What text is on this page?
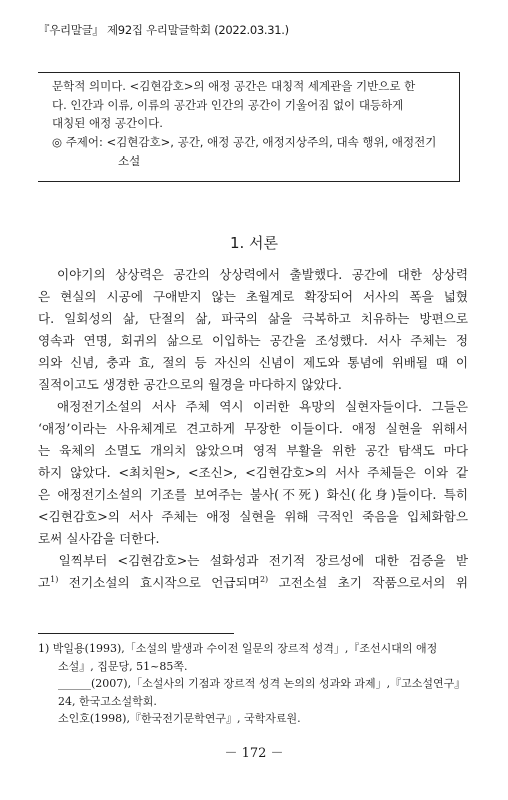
『우리말글』 제92집 우리말글학회 (2022.03.31.)
문학적 의미다. <김현감호>의 애정 공간은 대칭적 세계관을 기반으로 한
다. 인간과 이류, 이류의 공간과 인간의 공간이 기울어짐 없이 대등하게
대칭된 애정 공간이다.
◎ 주제어: <김현감호>, 공간, 애정 공간, 애정지상주의, 대속 행위, 애정전기
소설
1. 서론
이야기의 상상력은 공간의 상상력에서 출발했다. 공간에 대한 상상력
은 현실의 시공에 구애받지 않는 초월계로 확장되어 서사의 폭을 넓혔
다. 일회성의 삶, 단절의 삶, 파국의 삶을 극복하고 치유하는 방편으로
영속과 연명, 회귀의 삶으로 이입하는 공간을 조성했다. 서사 주체는 정
의와 신념, 충과 효, 절의 등 자신의 신념이 제도와 통념에 위배될 때 이
질적이고도 생경한 공간으로의 월경을 마다하지 않았다.
애정전기소설의 서사 주체 역시 이러한 욕망의 실현자들이다. 그들은
‘애정’이라는 사유체계로 견고하게 무장한 이들이다. 애정 실현을 위해서
는 육체의 소멸도 개의치 않았으며 영적 부활을 위한 공간 탐색도 마다
하지 않았다. <최치원>, <조신>, <김현감호>의 서사 주체들은 이와 같
은 애정전기소설의 기조를 보여주는 불사(不死) 화신(化身)들이다. 특히
<김현감호>의 서사 주체는 애정 실현을 위해 극적인 죽음을 입체화함으
로써 실사감을 더한다.
일찍부터 <김현감호>는 설화성과 전기적 장르성에 대한 검증을 받
고$^{1)}$ 전기소설의 효시작으로 언급되며$^{2)}$ 고전소설 초기 작품으로서의 위
1) 박일용(1993),「소설의 발생과 수이전 일문의 장르적 성격」,『조선시대의 애정
소설』, 집문당, 51~85쪽.
______(2007),「소설사의 기점과 장르적 성격 논의의 성과와 과제」,『고소설연구』
24, 한국고소설학회.
소인호(1998),『한국전기문학연구』, 국학자료원.
－ 172 －
